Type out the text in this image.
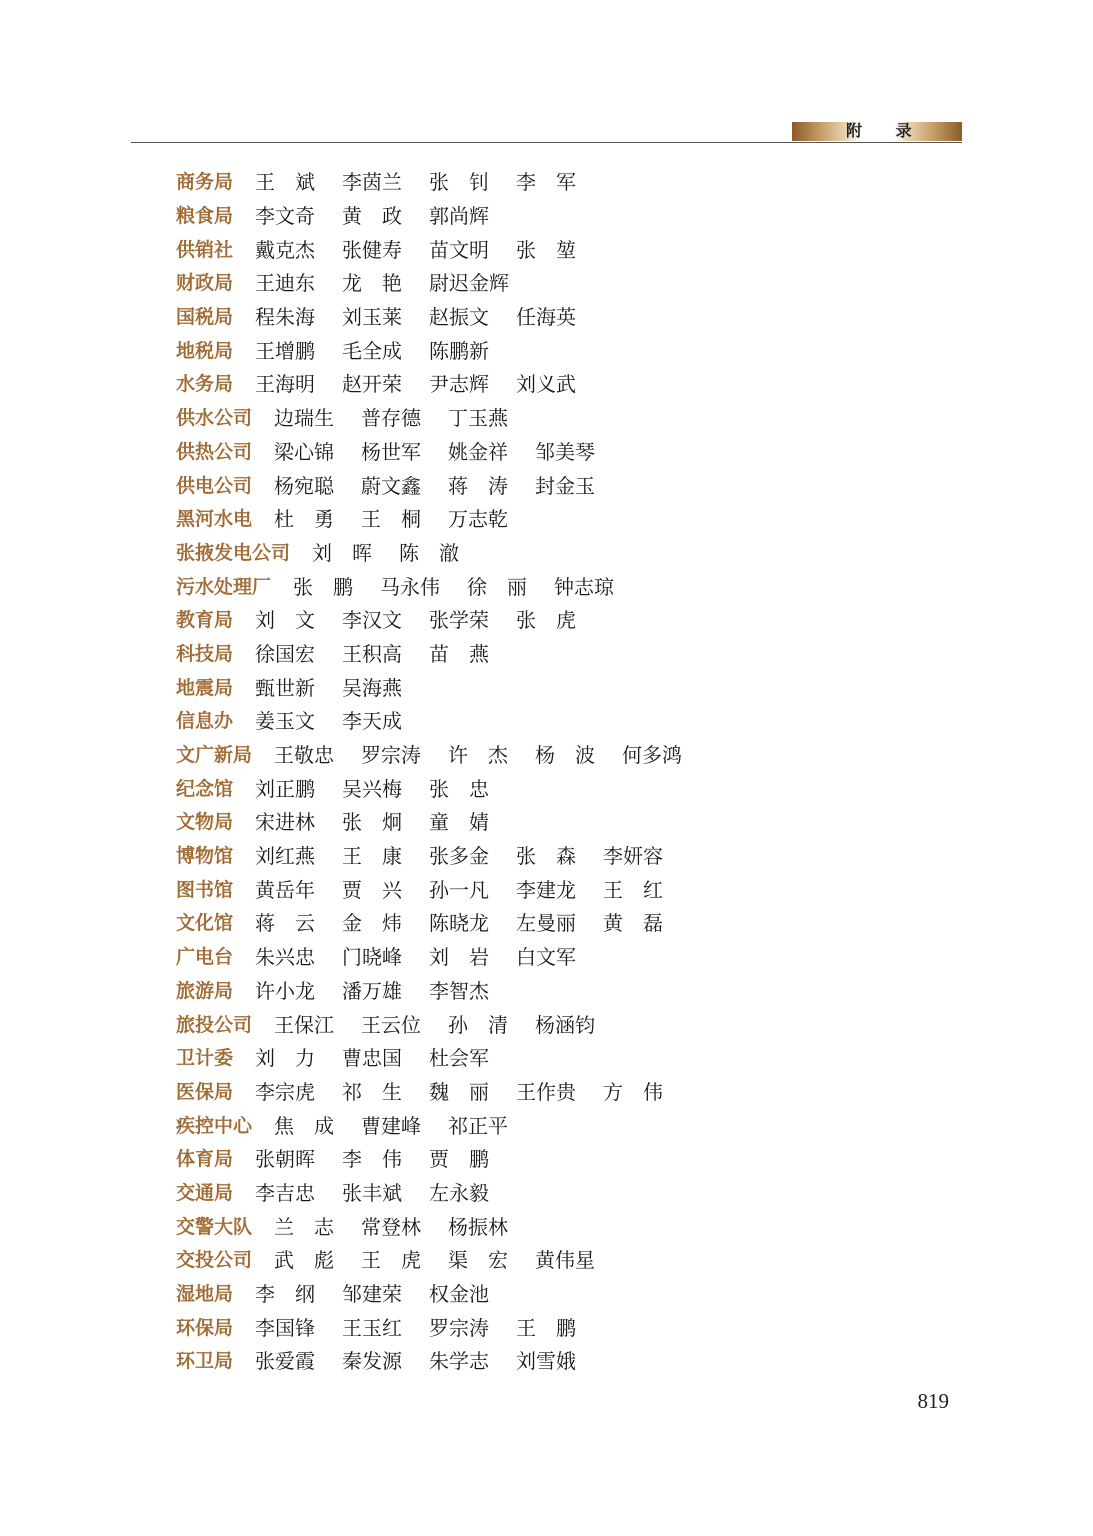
附 录
商务局 王　斌	李茵兰	张　钊	李　军
粮食局 李文奇	黄　政	郭尚辉
供销社 戴克杰	张健寿	苗文明	张　堃
财政局 王迪东	龙　艳	尉迟金辉
国税局 程朱海	刘玉莱	赵振文	任海英
地税局 王增鹏	毛全成	陈鹏新
水务局 王海明	赵开荣	尹志辉	刘义武
供水公司 边瑞生	普存德	丁玉燕
供热公司 梁心锦	杨世军	姚金祥	邹美琴
供电公司 杨宛聪	蔚文鑫	蒋　涛	封金玉
黑河水电 杜　勇	王　桐	万志乾
张掖发电公司 刘　晖	陈　澈
污水处理厂 张　鹏	马永伟	徐　丽	钟志琼
教育局 刘　文	李汉文	张学荣	张　虎
科技局 徐国宏	王积高	苗　燕
地震局 甄世新	吴海燕
信息办 姜玉文	李天成
文广新局 王敬忠	罗宗涛	许　杰	杨　波	何多鸿
纪念馆 刘正鹏	吴兴梅	张　忠
文物局 宋进林	张　炯	童　婧
博物馆 刘红燕	王　康	张多金	张　森	李妍容
图书馆 黄岳年	贾　兴	孙一凡	李建龙	王　红
文化馆 蒋　云	金　炜	陈晓龙	左曼丽	黄　磊
广电台 朱兴忠	门晓峰	刘　岩	白文军
旅游局 许小龙	潘万雄	李智杰
旅投公司 王保江	王云位	孙　清	杨涵钧
卫计委 刘　力	曹忠国	杜会军
医保局 李宗虎	祁　生	魏　丽	王作贵	方　伟
疾控中心 焦　成	曹建峰	祁正平
体育局 张朝晖	李　伟	贾　鹏
交通局 李吉忠	张丰斌	左永毅
交警大队 兰　志	常登林	杨振林
交投公司 武　彪	王　虎	渠　宏	黄伟星
湿地局 李　纲	邹建荣	权金池
环保局 李国锋	王玉红	罗宗涛	王　鹏
环卫局 张爱霞	秦发源	朱学志	刘雪娥
819
